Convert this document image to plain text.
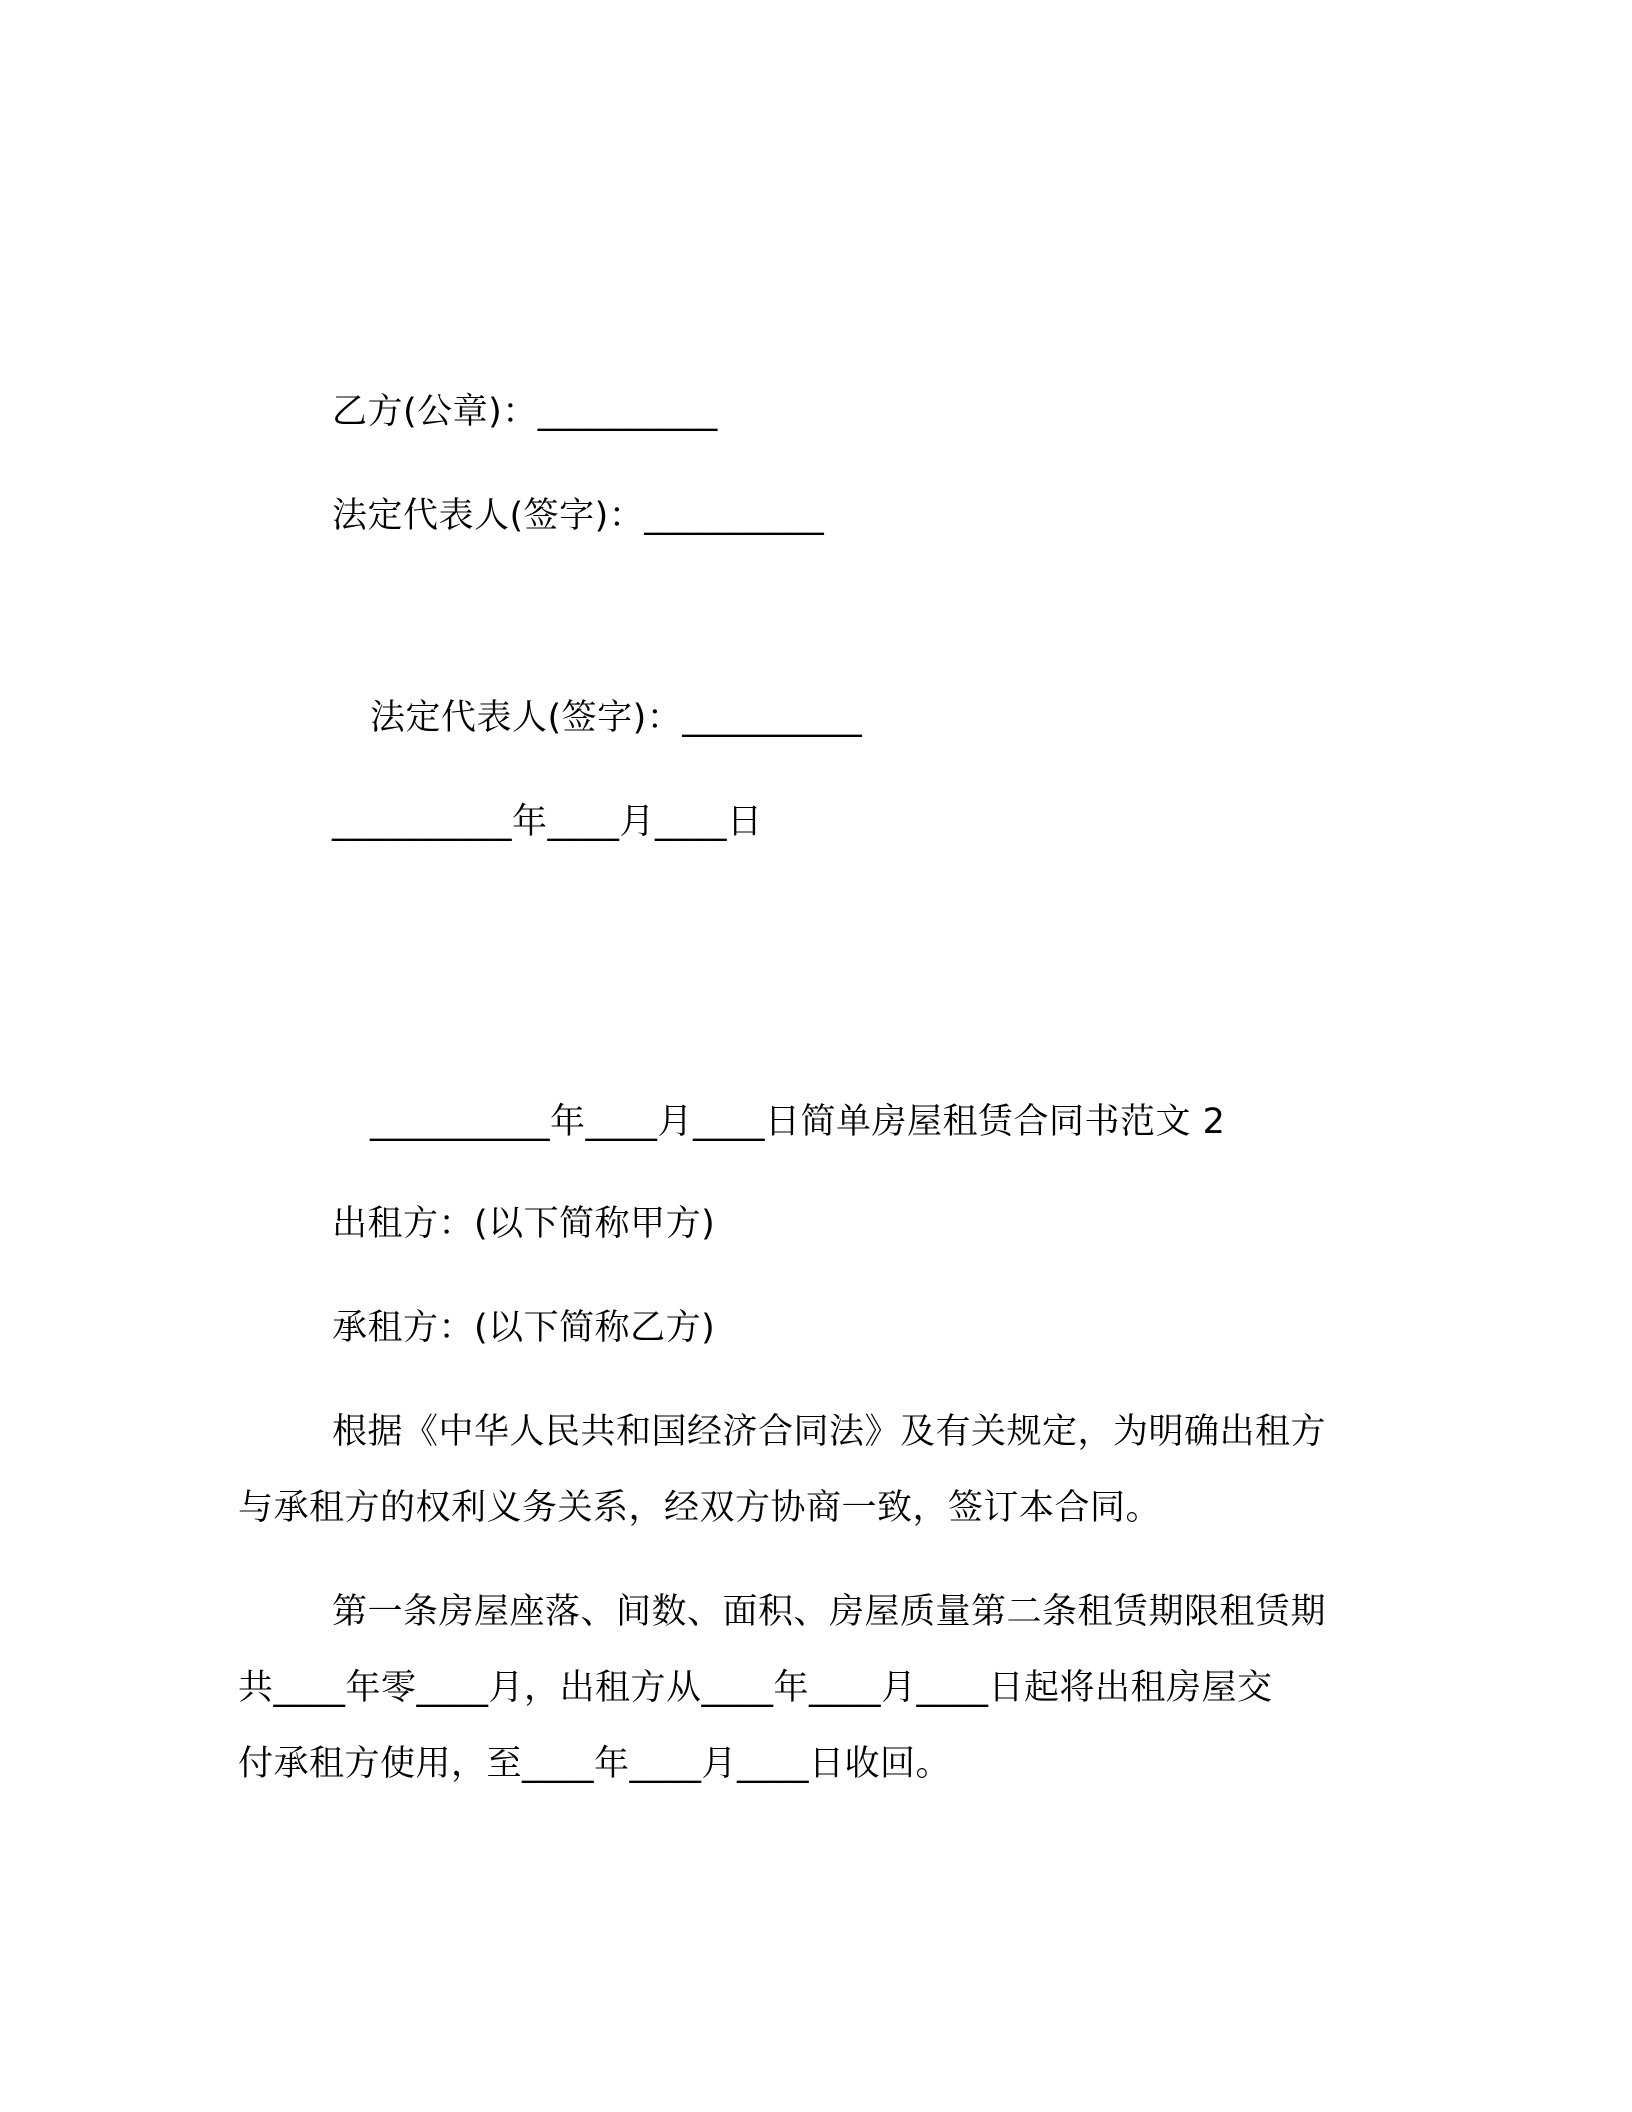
乙方(公章)：__________
法定代表人(签字)：__________
法定代表人(签字)：__________
__________年____月____日
__________年____月____日简单房屋租赁合同书范文 2
出租方：(以下简称甲方)
承租方：(以下简称乙方)
根据《中华人民共和国经济合同法》及有关规定，为明确出租方
与承租方的权利义务关系，经双方协商一致，签订本合同。
第一条房屋座落、间数、面积、房屋质量第二条租赁期限租赁期
共____年零____月，出租方从____年____月____日起将出租房屋交
付承租方使用，至____年____月____日收回。
